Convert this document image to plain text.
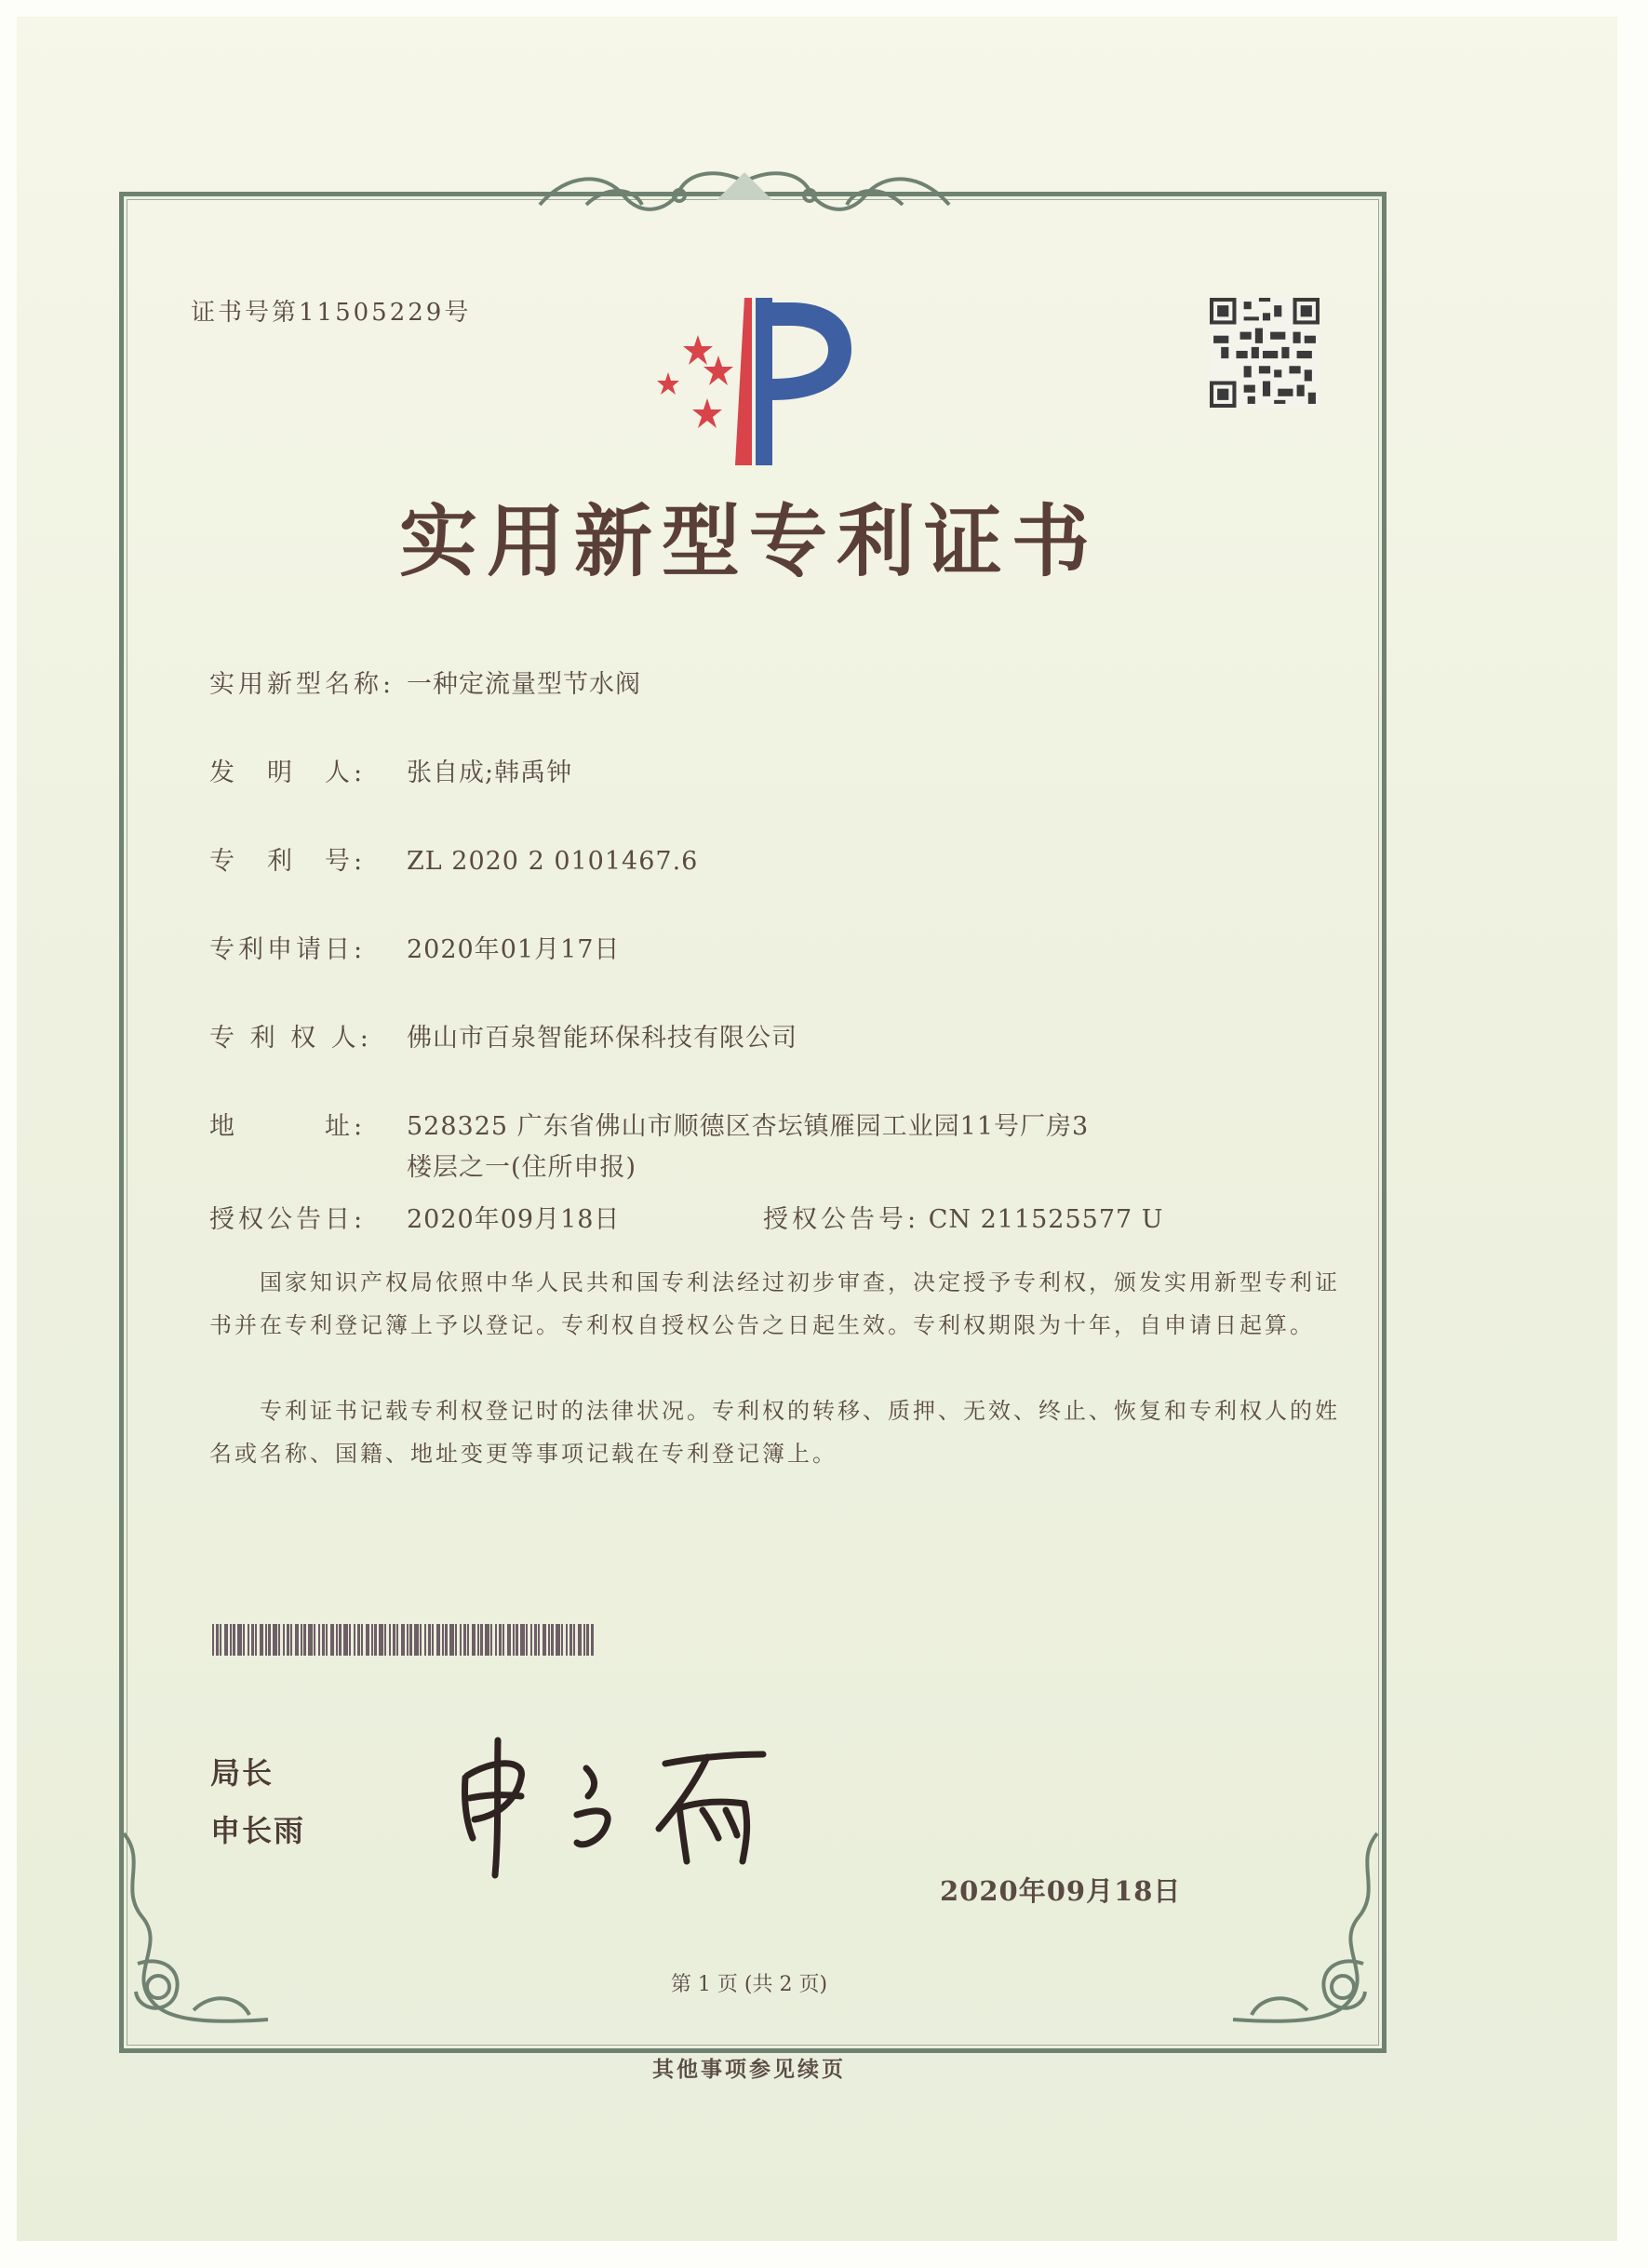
证书号第11505229号
实用新型专利证书
实用新型名称: 一种定流量型节水阀
发　明　人: 张自成;韩禹钟
专　利　号: ZL 2020 2 0101467.6
专利申请日: 2020年01月17日
专 利 权 人: 佛山市百泉智能环保科技有限公司
地　　　址: 528325 广东省佛山市顺德区杏坛镇雁园工业园11号厂房3
楼层之一(住所申报)
授权公告日: 2020年09月18日	授权公告号: CN 211525577 U
国家知识产权局依照中华人民共和国专利法经过初步审查，决定授予专利权，颁发实用新型专利证书并在专利登记簿上予以登记。专利权自授权公告之日起生效。专利权期限为十年，自申请日起算。
专利证书记载专利权登记时的法律状况。专利权的转移、质押、无效、终止、恢复和专利权人的姓名或名称、国籍、地址变更等事项记载在专利登记簿上。
局长
申长雨
2020年09月18日
第 1 页 (共 2 页)
其他事项参见续页
